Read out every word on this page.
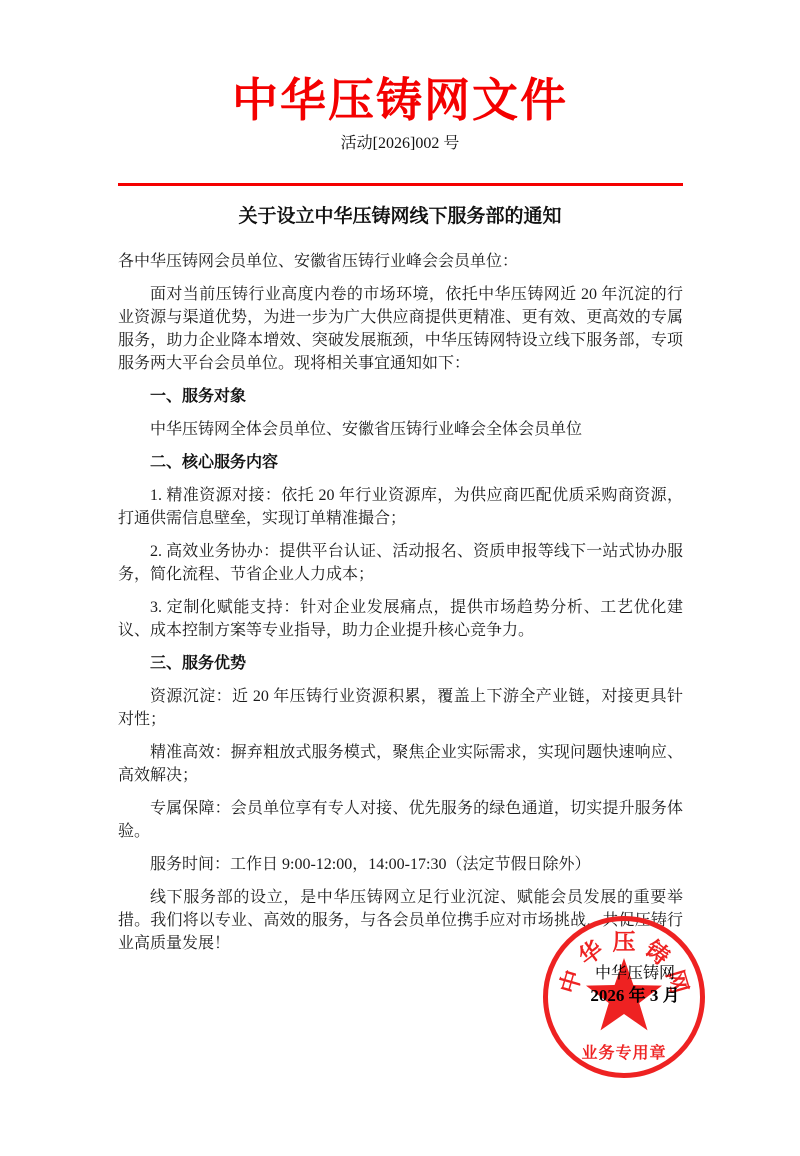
中华压铸网文件
活动[2026]002 号
关于设立中华压铸网线下服务部的通知

各中华压铸网会员单位、安徽省压铸行业峰会会员单位：

面对当前压铸行业高度内卷的市场环境，依托中华压铸网近 20 年沉淀的行业资源与渠道优势，为进一步为广大供应商提供更精准、更有效、更高效的专属服务，助力企业降本增效、突破发展瓶颈，中华压铸网特设立线下服务部，专项服务两大平台会员单位。现将相关事宜通知如下：

一、服务对象

中华压铸网全体会员单位、安徽省压铸行业峰会全体会员单位

二、核心服务内容

1. 精准资源对接：依托 20 年行业资源库，为供应商匹配优质采购商资源，打通供需信息壁垒，实现订单精准撮合；

2. 高效业务协办：提供平台认证、活动报名、资质申报等线下一站式协办服务，简化流程、节省企业人力成本；

3. 定制化赋能支持：针对企业发展痛点，提供市场趋势分析、工艺优化建议、成本控制方案等专业指导，助力企业提升核心竞争力。

三、服务优势

资源沉淀：近 20 年压铸行业资源积累，覆盖上下游全产业链，对接更具针对性；

精准高效：摒弃粗放式服务模式，聚焦企业实际需求，实现问题快速响应、高效解决；

专属保障：会员单位享有专人对接、优先服务的绿色通道，切实提升服务体验。

服务时间：工作日 9:00-12:00，14:00-17:30（法定节假日除外）

线下服务部的设立，是中华压铸网立足行业沉淀、赋能会员发展的重要举措。我们将以专业、高效的服务，与各会员单位携手应对市场挑战，共促压铸行业高质量发展！

中
华 压 铸
网
业务专用章
中华压铸网
2026 年 3 月
